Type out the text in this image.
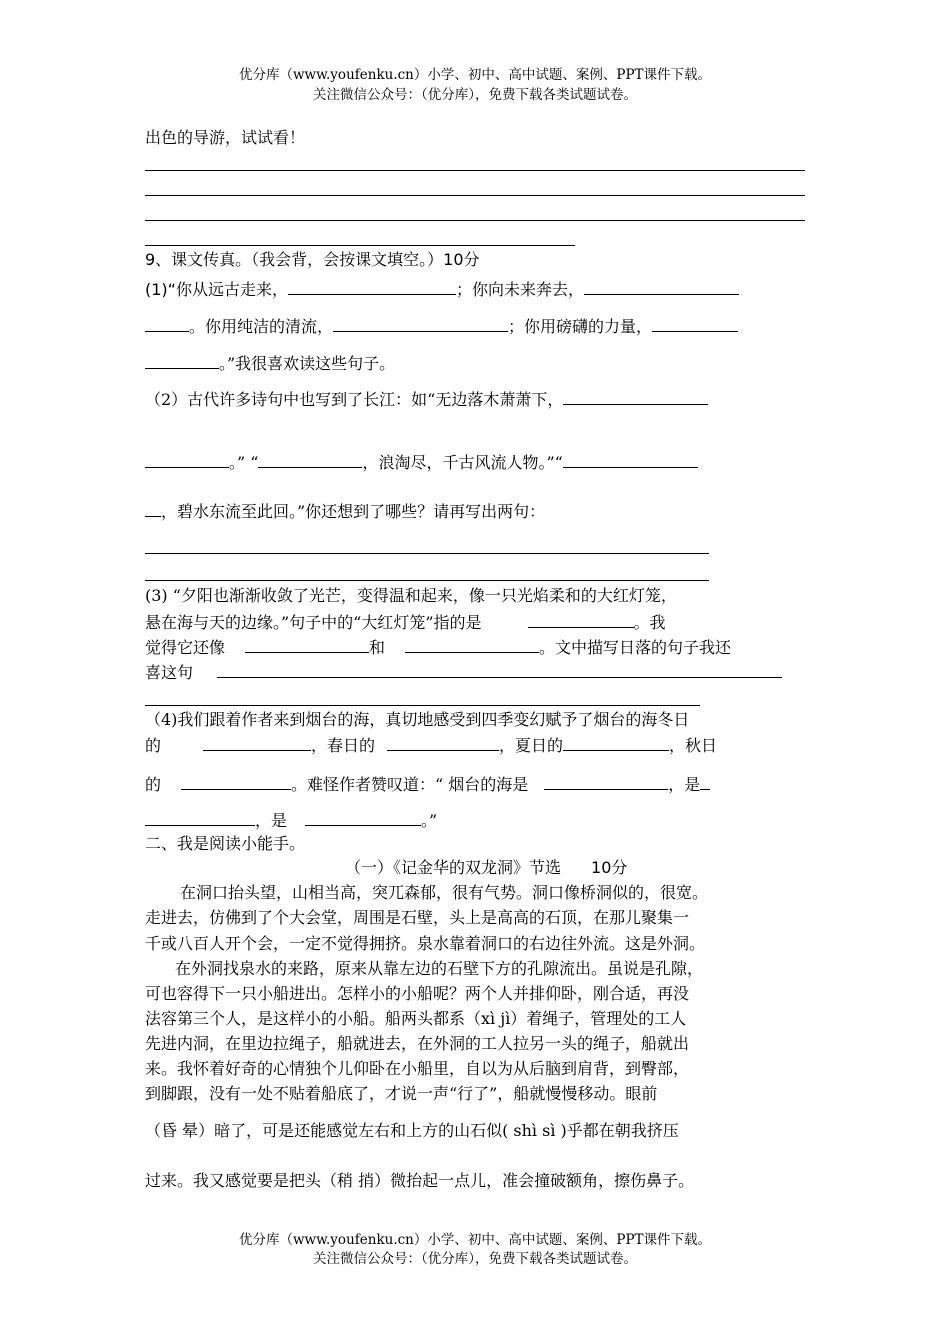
优分库（www.youfenku.cn）小学、初中、高中试题、案例、PPT课件下载。
关注微信公众号：（优分库），免费下载各类试题试卷。
出色的导游，试试看！
9、课文传真。（我会背，会按课文填空。）10分
(1)“你从远古走来，	；你向未来奔去，
。你用纯洁的清流，	；你用磅礴的力量，
。”我很喜欢读这些句子。
（2）古代许多诗句中也写到了长江：如“无边落木萧萧下，
。” “	，浪淘尽，千古风流人物。”“
，碧水东流至此回。”你还想到了哪些？请再写出两句：
(3) “夕阳也渐渐收敛了光芒，变得温和起来，像一只光焰柔和的大红灯笼，
悬在海与天的边缘。”句子中的“大红灯笼”指的是	。我
觉得它还像	和	。文中描写日落的句子我还
喜这句
（4)我们跟着作者来到烟台的海，真切地感受到四季变幻赋予了烟台的海冬日
的	，春日的	，夏日的	，秋日
的	。难怪作者赞叹道：“ 烟台的海是	，是
，是	。”
二、我是阅读小能手。
（一）《记金华的双龙洞》节选 10分
在洞口抬头望，山相当高，突兀森郁，很有气势。洞口像桥洞似的，很宽。
走进去，仿佛到了个大会堂，周围是石壁，头上是高高的石顶，在那儿聚集一
千或八百人开个会，一定不觉得拥挤。泉水靠着洞口的右边往外流。这是外洞。
在外洞找泉水的来路，原来从靠左边的石壁下方的孔隙流出。虽说是孔隙，
可也容得下一只小船进出。怎样小的小船呢？两个人并排仰卧，刚合适，再没
法容第三个人，是这样小的小船。船两头都系（xì jì）着绳子，管理处的工人
先进内洞，在里边拉绳子，船就进去，在外洞的工人拉另一头的绳子，船就出
来。我怀着好奇的心情独个儿仰卧在小船里，自以为从后脑到肩背，到臀部，
到脚跟，没有一处不贴着船底了，才说一声“行了”，船就慢慢移动。眼前
（昏 晕）暗了，可是还能感觉左右和上方的山石似( shì sì )乎都在朝我挤压
过来。我又感觉要是把头（稍 捎）微抬起一点儿，准会撞破额角，擦伤鼻子。
优分库（www.youfenku.cn）小学、初中、高中试题、案例、PPT课件下载。
关注微信公众号：（优分库），免费下载各类试题试卷。
